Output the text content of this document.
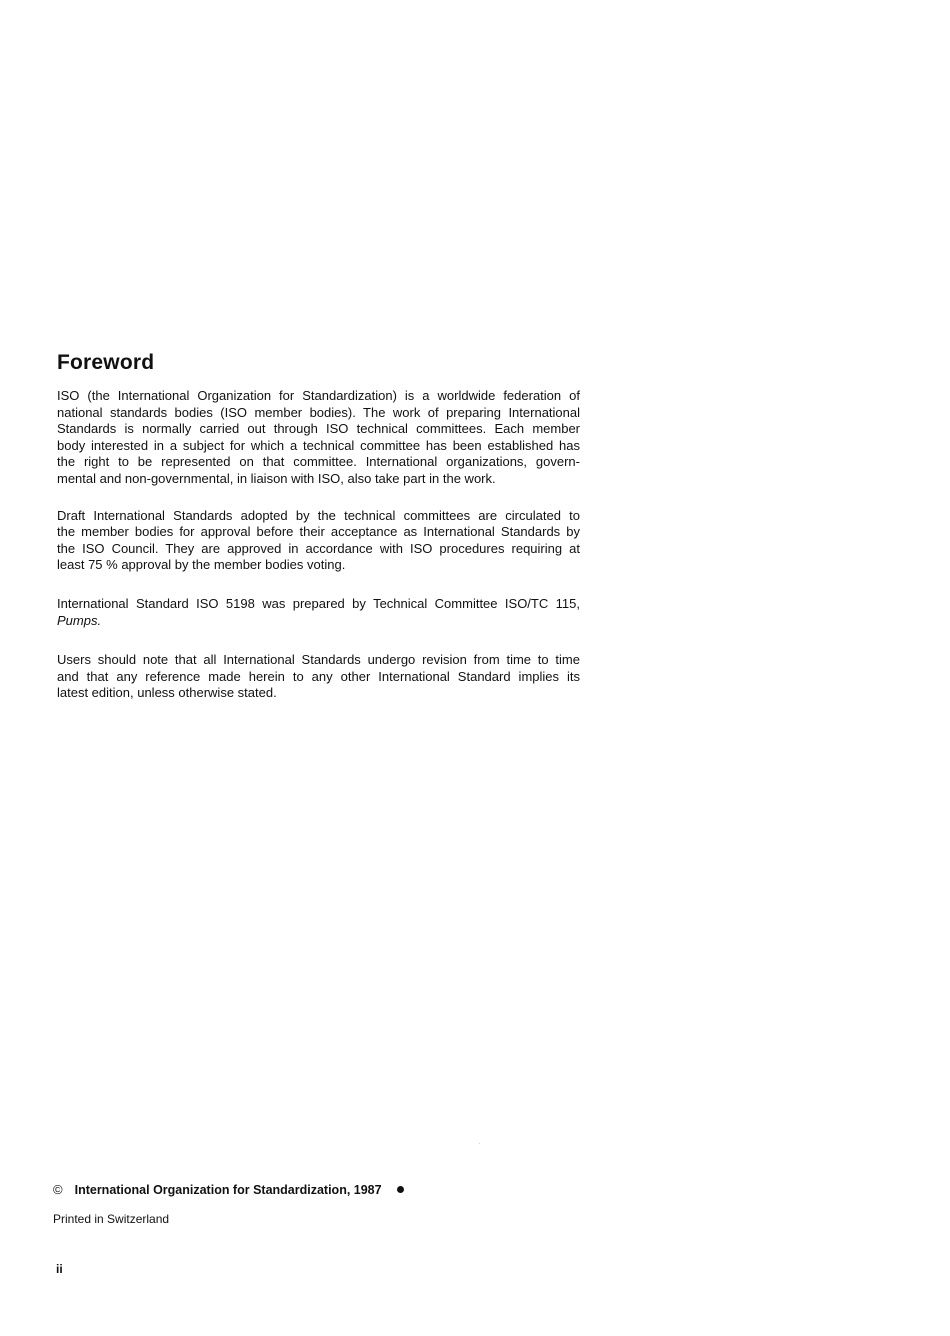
Foreword
ISO (the International Organization for Standardization) is a worldwide federation of
national standards bodies (ISO member bodies). The work of preparing International
Standards is normally carried out through ISO technical committees. Each member
body interested in a subject for which a technical committee has been established has
the right to be represented on that committee. International organizations, govern-
mental and non-governmental, in liaison with ISO, also take part in the work.
Draft International Standards adopted by the technical committees are circulated to
the member bodies for approval before their acceptance as International Standards by
the ISO Council. They are approved in accordance with ISO procedures requiring at
least 75 % approval by the member bodies voting.
International Standard ISO 5198 was prepared by Technical Committee ISO/TC 115,
Pumps.
Users should note that all International Standards undergo revision from time to time
and that any reference made herein to any other International Standard implies its
latest edition, unless otherwise stated.
© International Organization for Standardization, 1987
Printed in Switzerland
ii
